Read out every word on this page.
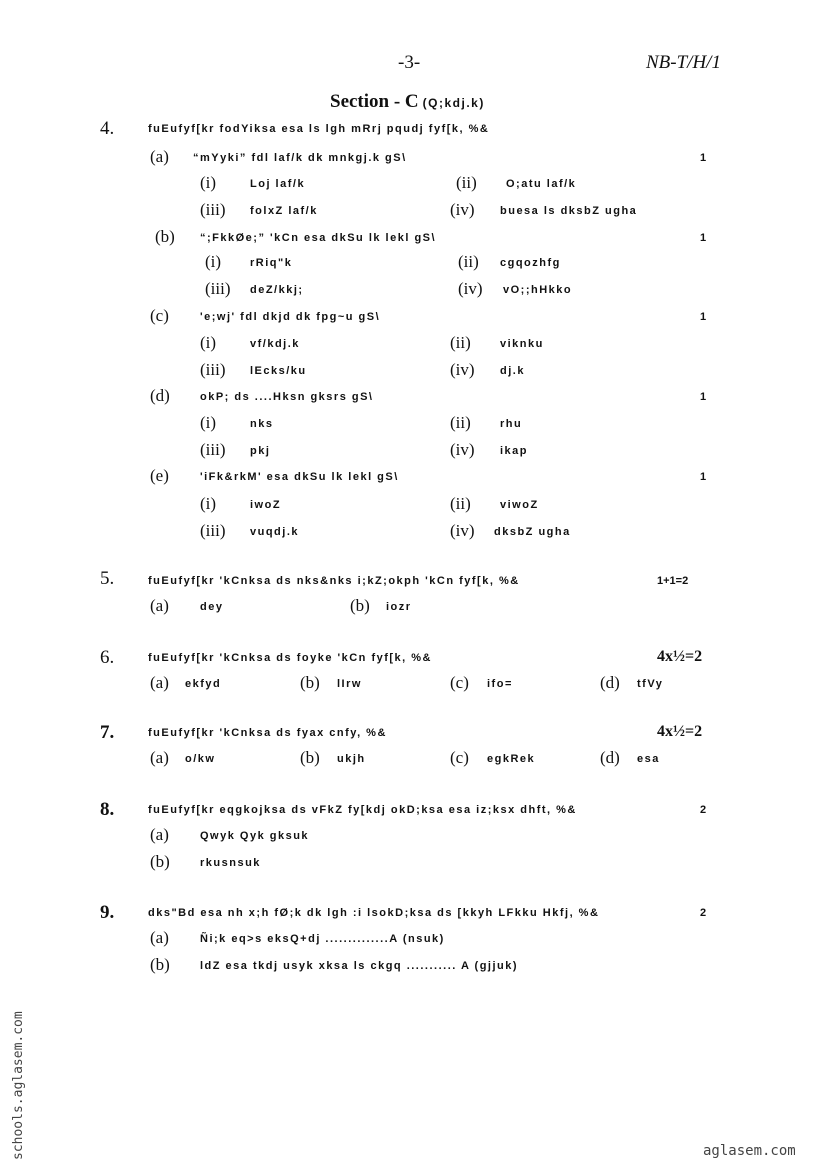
-3-	NB-T/H/1
Section - C (Q;kdj.k)
4.	fuEufyf[kr fodYiksa esa ls lgh mRrj pqudj fyf[k, %&
(a) “mYyki” fdl laf/k dk mnkgj.k gS\	1
(i)	Loj laf/k	(ii)	O;atu laf/k
(iii) folxZ laf/k	(iv) buesa ls dksbZ ugha
(b) “;FkkØe;” 'kCn esa dkSu lk lekl gS\	1
(i)	rRiq"k	(ii) cgqozhfg
(iii) deZ/kkj;	(iv) vO;;hHkko
(c)	'e;wj' fdl dkjd dk fpg~u gS\	1
(i)	vf/kdj.k	(ii)	viknku
(iii) lEcks/ku	(iv) dj.k
(d)	okP; ds ....Hksn gksrs gS\	1
(i)	nks	(ii)	rhu
(iii) pkj	(iv) ikap
(e)	'iFk&rkM' esa dkSu lk lekl gS\	1
(i)	iwoZ	(ii)	viwoZ
(iii) vuqdj.k	(iv) dksbZ ugha
5.	fuEufyf[kr 'kCnksa ds nks&nks i;kZ;okph 'kCn fyf[k, %&	1+1=2
(a)	dey	(b) iozr
6.	fuEufyf[kr 'kCnksa ds foyke 'kCn fyf[k, %&	4x½=2
(a) ekfyd	(b) lIrw	(c) ifo=	(d) tfVy
7.	fuEufyf[kr 'kCnksa ds fyax cnfy, %&	4x½=2
(a) o/kw	(b) ukjh	(c) egkRek	(d) esa
8.	fuEufyf[kr eqgkojksa ds vFkZ fy[kdj okD;ksa esa iz;ksx dhft, %&	2
(a)	Qwyk Qyk gksuk
(b)	rkusnsuk
9.	dks"Bd esa nh x;h fØ;k dk lgh :i lsokD;ksa ds [kkyh LFkku Hkfj, %&	2
(a)	Ñi;k eq>s eksQ+dj ..............A (nsuk)
(b)	ldZ esa tkdj usyk xksa ls ckgq ........... A (gjjuk)
schools.aglasem.com	aglasem.com
